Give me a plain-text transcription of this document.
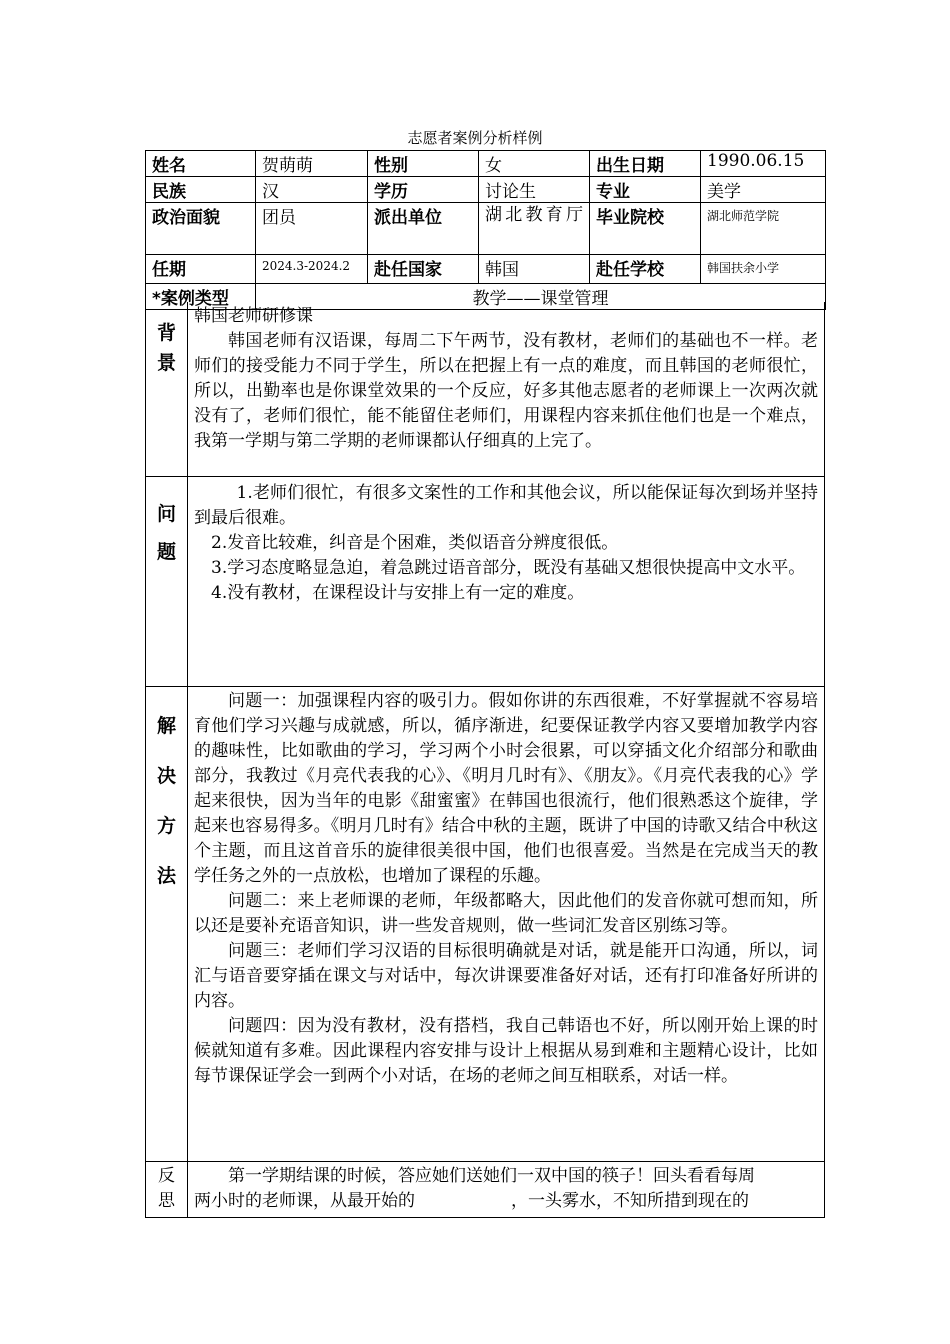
志愿者案例分析样例
姓名	贺萌萌	性别	女	出生日期	1990.06.15
民族	汉	学历	讨论生	专业	美学
政治面貌	团员	派出单位	湖北教育厅	毕业院校	湖北师范学院
任期	2024.3-2024.2	赴任国家	韩国	赴任学校	韩国扶余小学
*案例类型	教学——课堂管理				
背
景

韩国老师研修课

韩国老师有汉语课，每周二下午两节，没有教材，老师们的基础也不一样。老师们的接受能力不同于学生，所以在把握上有一点的难度，而且韩国的老师很忙，所以，出勤率也是你课堂效果的一个反应，好多其他志愿者的老师课上一次两次就没有了，老师们很忙，能不能留住老师们，用课程内容来抓住他们也是一个难点，我第一学期与第二学期的老师课都认仔细真的上完了。

问
题

1.老师们很忙，有很多文案性的工作和其他会议，所以能保证每次到场并坚持到最后很难。

2.发音比较难，纠音是个困难，类似语音分辨度很低。

3.学习态度略显急迫，着急跳过语音部分，既没有基础又想很快提高中文水平。

4.没有教材，在课程设计与安排上有一定的难度。

解
决
方
法

问题一：加强课程内容的吸引力。假如你讲的东西很难，不好掌握就不容易培育他们学习兴趣与成就感，所以，循序渐进，纪要保证教学内容又要增加教学内容的趣味性，比如歌曲的学习，学习两个小时会很累，可以穿插文化介绍部分和歌曲部分，我教过《月亮代表我的心》、《明月几时有》、《朋友》。《月亮代表我的心》学起来很快，因为当年的电影《甜蜜蜜》在韩国也很流行，他们很熟悉这个旋律，学起来也容易得多。《明月几时有》结合中秋的主题，既讲了中国的诗歌又结合中秋这个主题，而且这首音乐的旋律很美很中国，他们也很喜爱。当然是在完成当天的教学任务之外的一点放松，也增加了课程的乐趣。

问题二：来上老师课的老师，年级都略大，因此他们的发音你就可想而知，所以还是要补充语音知识，讲一些发音规则，做一些词汇发音区别练习等。

问题三：老师们学习汉语的目标很明确就是对话，就是能开口沟通，所以，词汇与语音要穿插在课文与对话中，每次讲课要准备好对话，还有打印准备好所讲的内容。

问题四：因为没有教材，没有搭档，我自己韩语也不好，所以刚开始上课的时候就知道有多难。因此课程内容安排与设计上根据从易到难和主题精心设计，比如每节课保证学会一到两个小对话，在场的老师之间互相联系，对话一样。

反
思

第一学期结课的时候，答应她们送她们一双中国的筷子！回头看看每周

两小时的老师课，从最开始的	，一头雾水，不知所措到现在的
